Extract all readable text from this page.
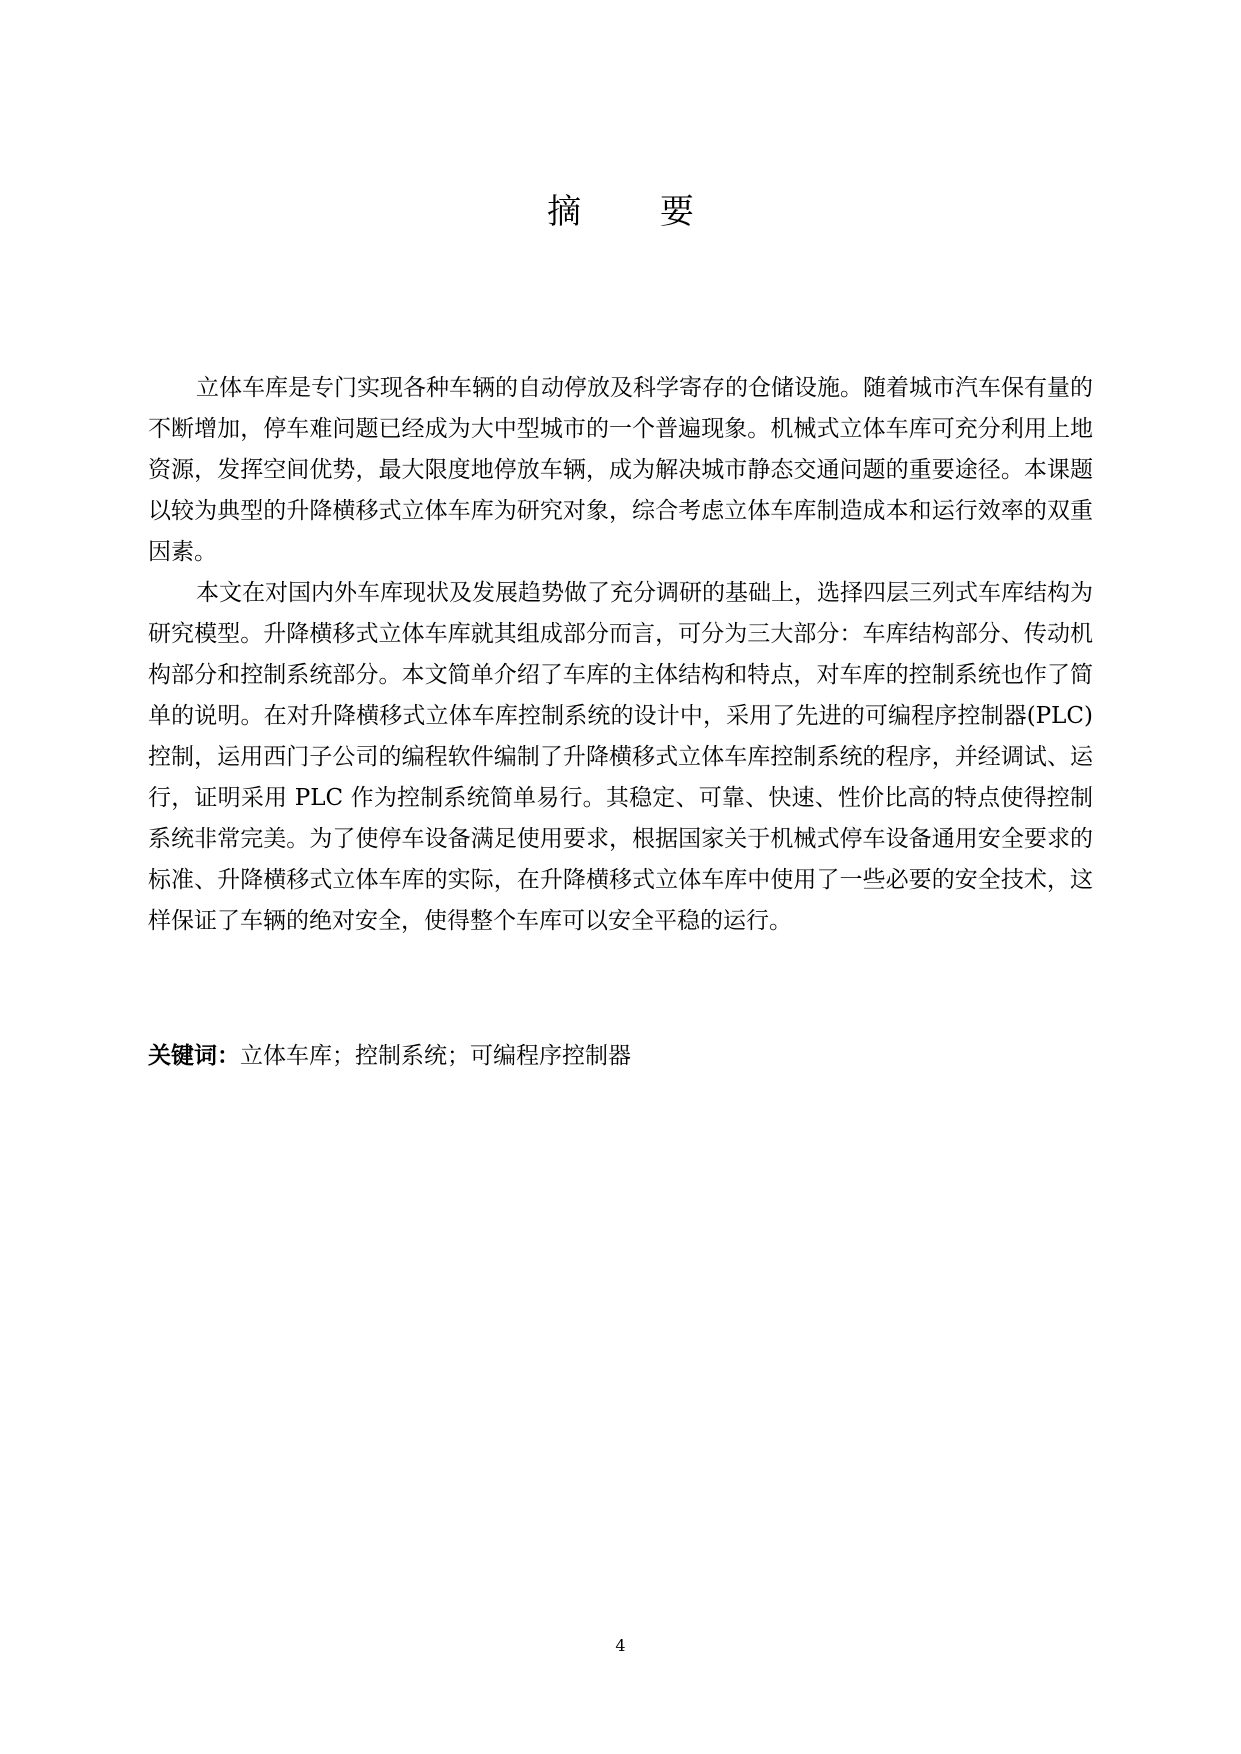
摘 要

立体车库是专门实现各种车辆的自动停放及科学寄存的仓储设施。随着城市汽车保有量的不断增加，停车难问题已经成为大中型城市的一个普遍现象。机械式立体车库可充分利用上地资源，发挥空间优势，最大限度地停放车辆，成为解决城市静态交通问题的重要途径。本课题以较为典型的升降横移式立体车库为研究对象，综合考虑立体车库制造成本和运行效率的双重因素。

本文在对国内外车库现状及发展趋势做了充分调研的基础上，选择四层三列式车库结构为研究模型。升降横移式立体车库就其组成部分而言，可分为三大部分：车库结构部分、传动机构部分和控制系统部分。本文简单介绍了车库的主体结构和特点，对车库的控制系统也作了简单的说明。在对升降横移式立体车库控制系统的设计中，采用了先进的可编程序控制器(PLC)控制，运用西门子公司的编程软件编制了升降横移式立体车库控制系统的程序，并经调试、运行，证明采用 PLC 作为控制系统简单易行。其稳定、可靠、快速、性价比高的特点使得控制系统非常完美。为了使停车设备满足使用要求，根据国家关于机械式停车设备通用安全要求的标准、升降横移式立体车库的实际，在升降横移式立体车库中使用了一些必要的安全技术，这样保证了车辆的绝对安全，使得整个车库可以安全平稳的运行。

关键词：立体车库；控制系统；可编程序控制器
4
